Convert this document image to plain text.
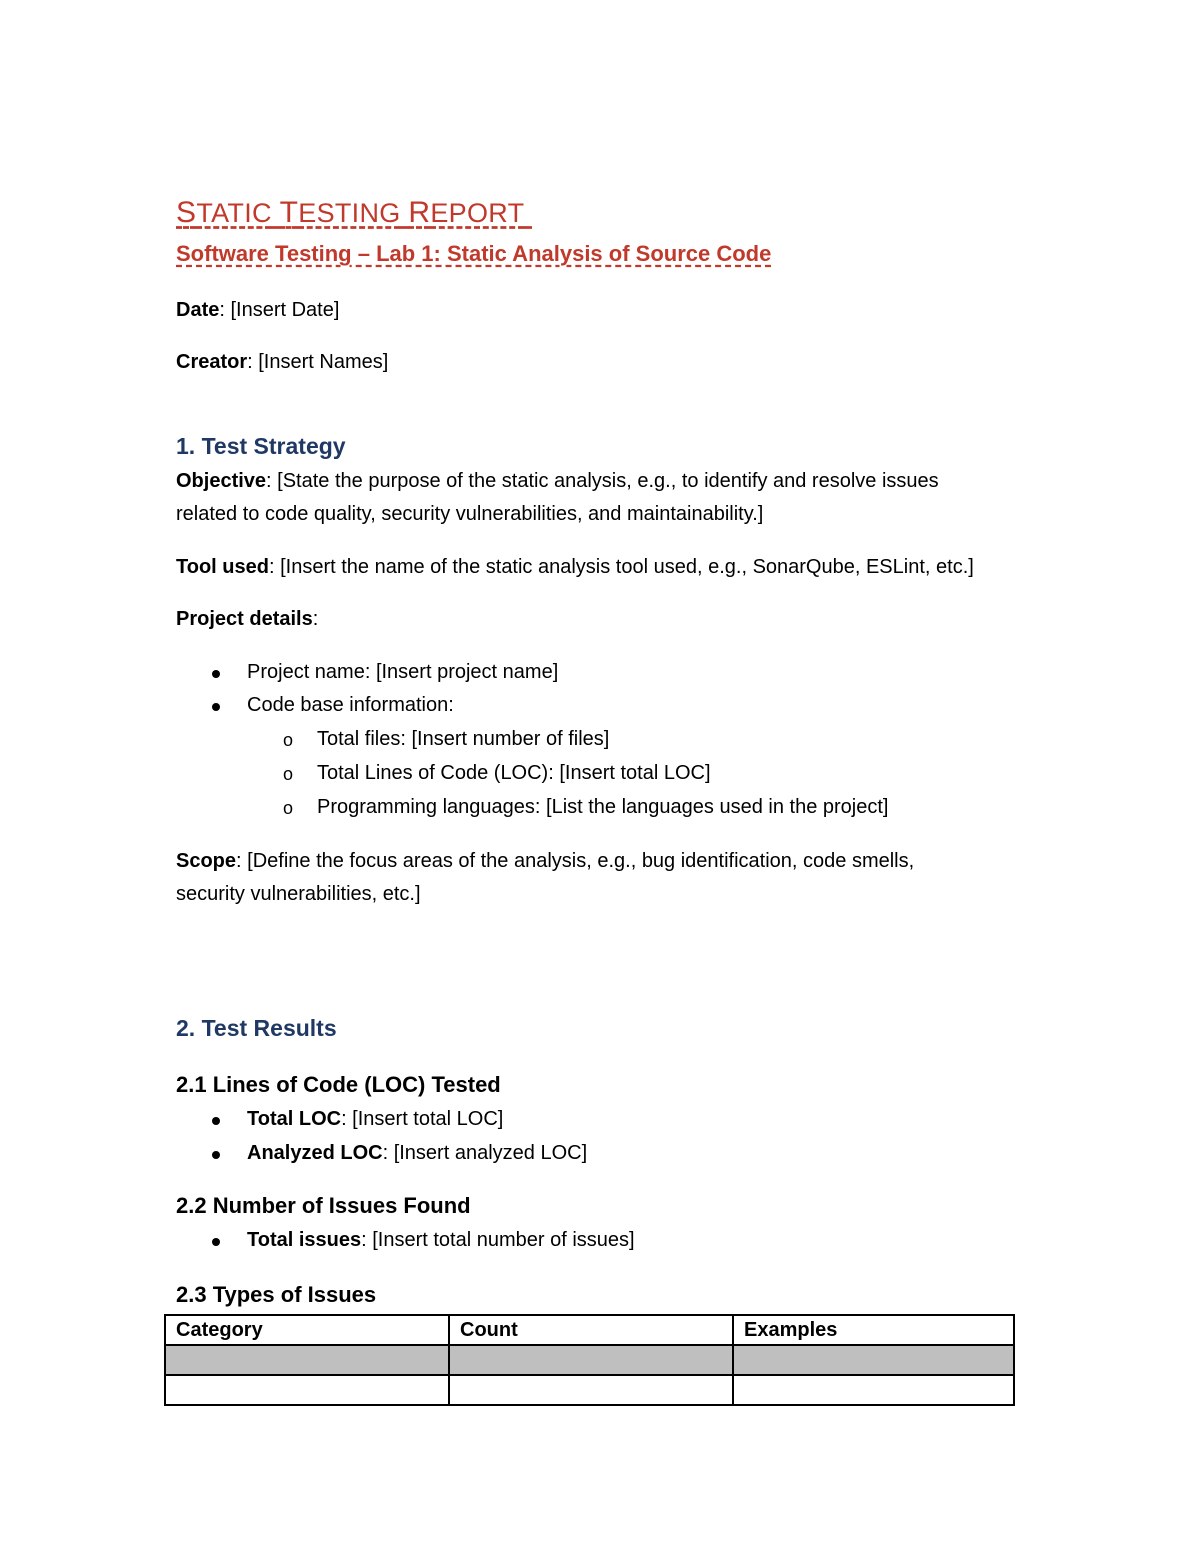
STATIC TESTING REPORT
Software Testing – Lab 1: Static Analysis of Source Code
Date: [Insert Date]
Creator: [Insert Names]
1. Test Strategy
Objective: [State the purpose of the static analysis, e.g., to identify and resolve issues
related to code quality, security vulnerabilities, and maintainability.]
Tool used: [Insert the name of the static analysis tool used, e.g., SonarQube, ESLint, etc.]
Project details:
Project name: [Insert project name]
Code base information:
o Total files: [Insert number of files]
o Total Lines of Code (LOC): [Insert total LOC]
o Programming languages: [List the languages used in the project]
Scope: [Define the focus areas of the analysis, e.g., bug identification, code smells,
security vulnerabilities, etc.]
2. Test Results
2.1 Lines of Code (LOC) Tested
Total LOC: [Insert total LOC]
Analyzed LOC: [Insert analyzed LOC]
2.2 Number of Issues Found
Total issues: [Insert total number of issues]
2.3 Types of Issues
Category	Count	Examples
